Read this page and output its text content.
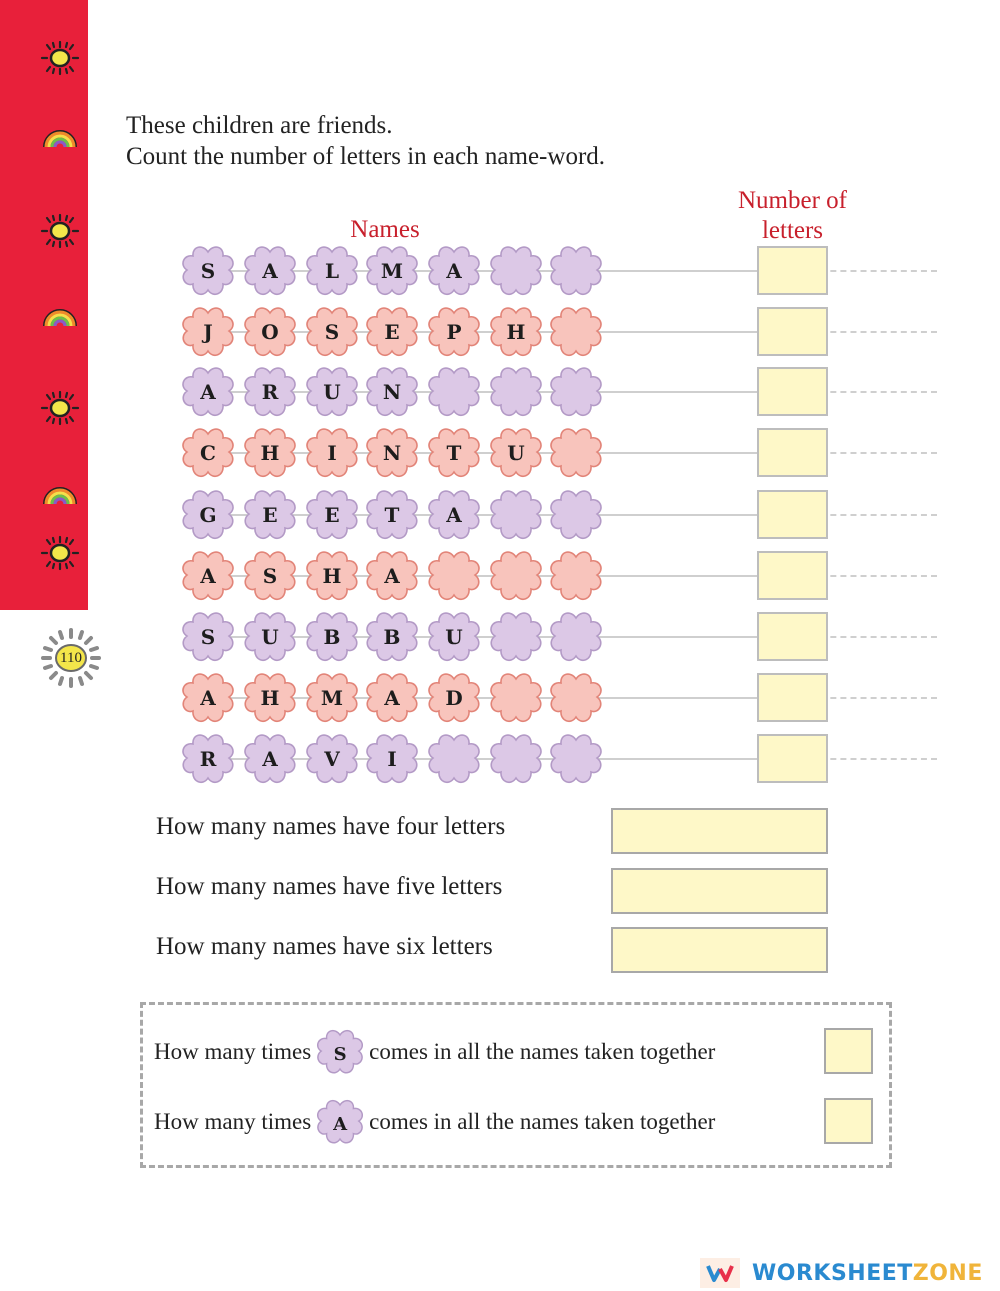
110
These children are friends.
Count the number of letters in each name-word.
Names
Number of
letters
S	A	L	M	A
J	O	S	E	P	H
A	R	U	N
C	H	I	N	T	U
G	E	E	T	A
A	S	H	A
S	U	B	B	U
A	H	M	A	D
R	A	V	I
How many names have four letters
How many names have five letters
How many names have six letters
How many times	S comes in all the names taken together
How many times	A comes in all the names taken together
WORKSHEET ZONE
